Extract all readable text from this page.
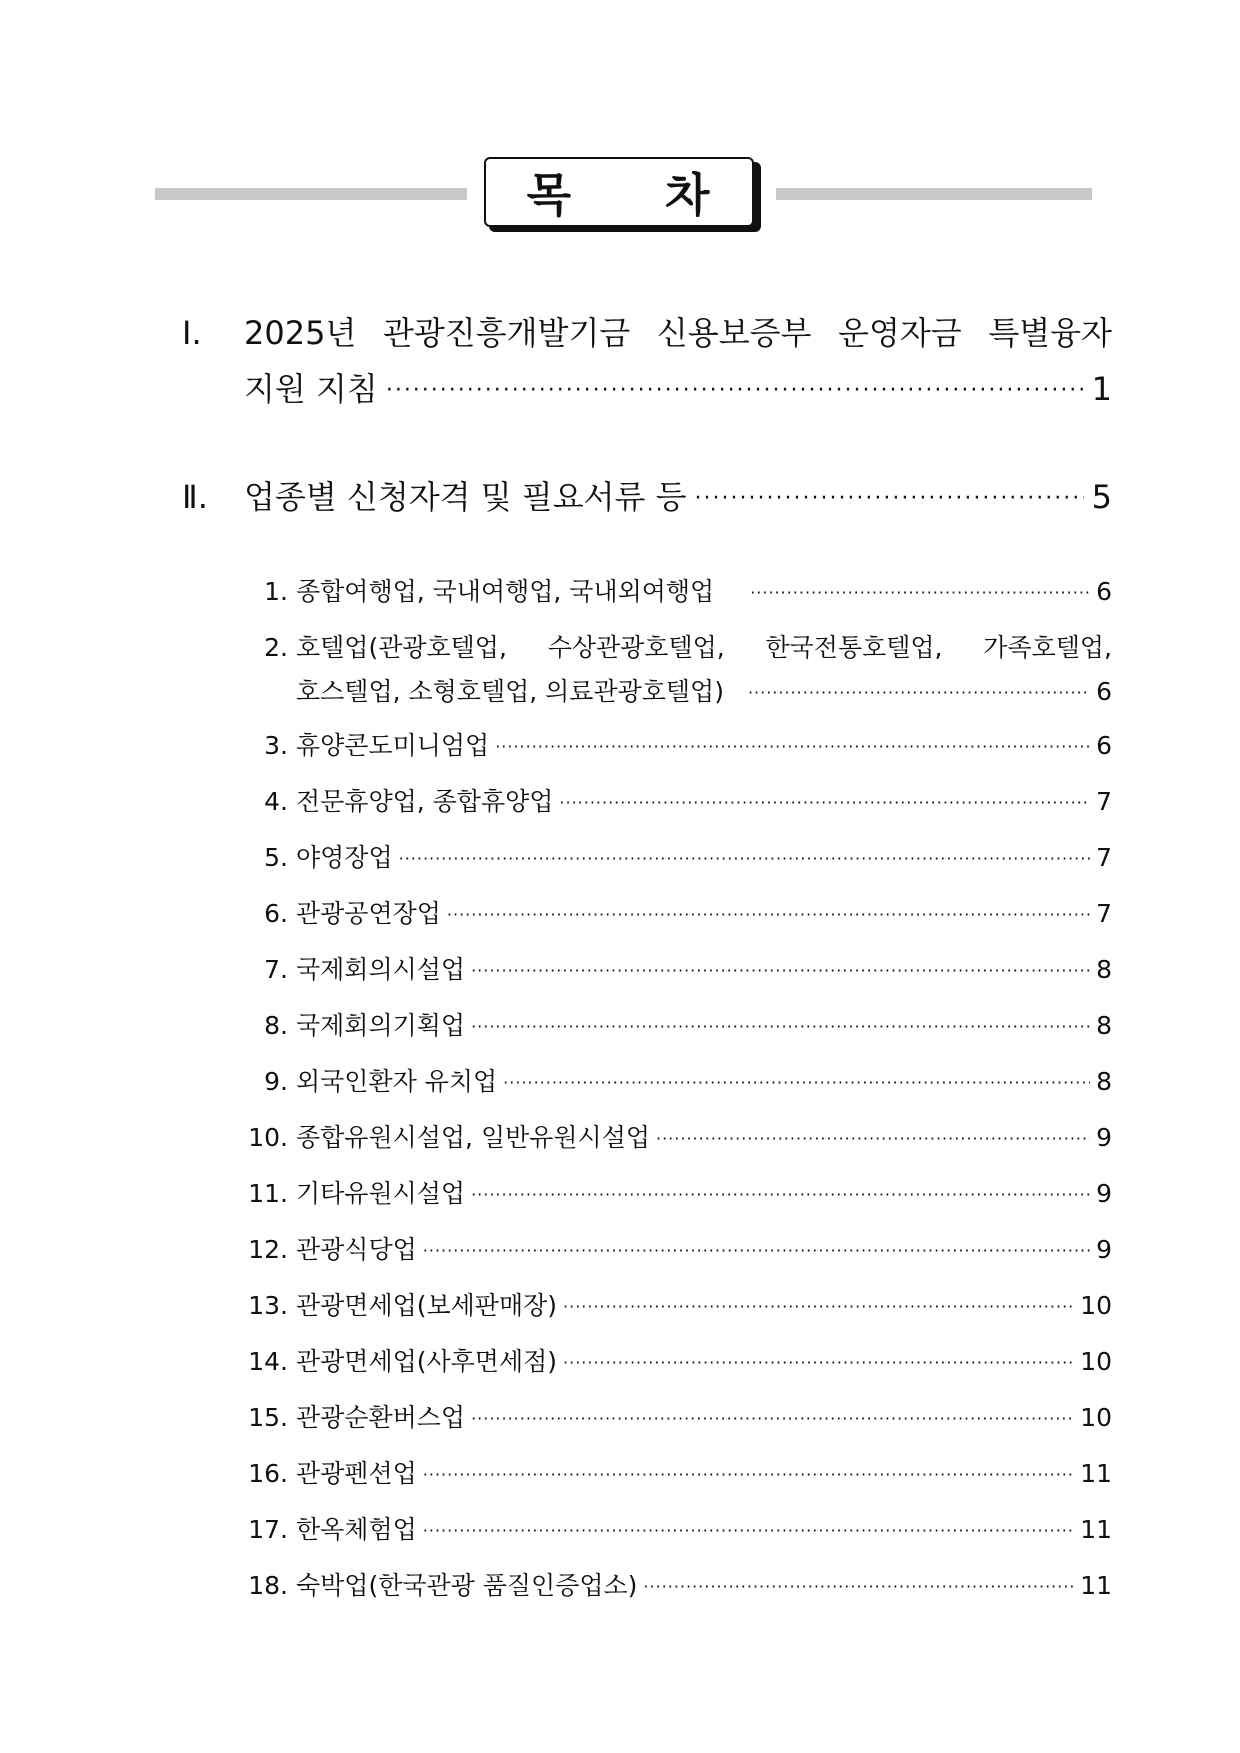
목 차
Ⅰ.	2025년 관광진흥개발기금 신용보증부 운영자금 특별융자
지원 지침 ·····	1
Ⅱ.	업종별 신청자격 및 필요서류 등 ·····	5
1. 종합여행업, 국내여행업, 국내외여행업 ·····	6
2. 호텔업(관광호텔업, 수상관광호텔업, 한국전통호텔업, 가족호텔업,
호스텔업, 소형호텔업, 의료관광호텔업) ·····	6
3. 휴양콘도미니엄업 ·····	6
4. 전문휴양업, 종합휴양업 ·····	7
5. 야영장업 ·····	7
6. 관광공연장업 ·····	7
7. 국제회의시설업 ·····	8
8. 국제회의기획업 ·····	8
9. 외국인환자 유치업 ·····	8
10. 종합유원시설업, 일반유원시설업 ·····	9
11. 기타유원시설업 ·····	9
12. 관광식당업 ·····	9
13. 관광면세업(보세판매장) ·····	10
14. 관광면세업(사후면세점) ·····	10
15. 관광순환버스업 ·····	10
16. 관광펜션업 ·····	11
17. 한옥체험업 ·····	11
18. 숙박업(한국관광 품질인증업소) ·····	11
